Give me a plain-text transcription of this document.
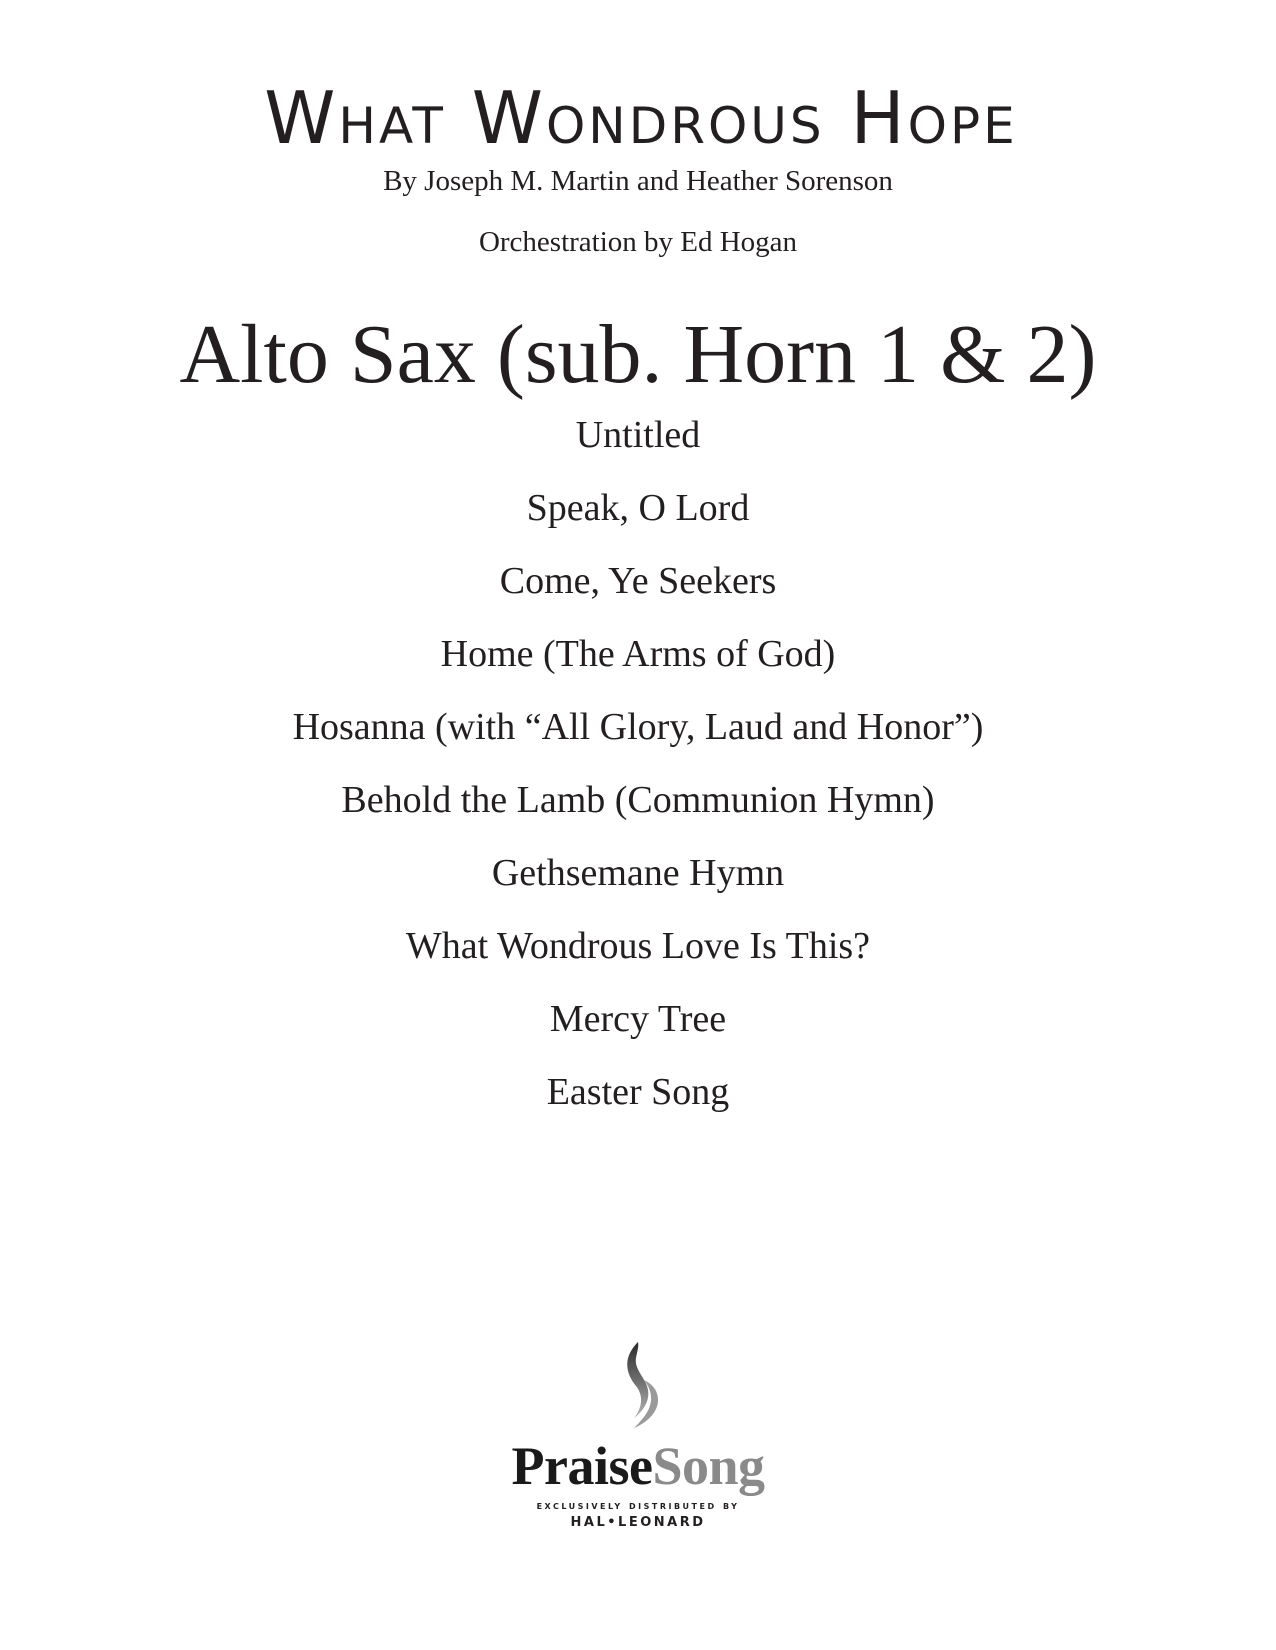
What Wondrous Hope
By Joseph M. Martin and Heather Sorenson
Orchestration by Ed Hogan
Alto Sax (sub. Horn 1 & 2)
Untitled
Speak, O Lord
Come, Ye Seekers
Home (The Arms of God)
Hosanna (with “All Glory, Laud and Honor”)
Behold the Lamb (Communion Hymn)
Gethsemane Hymn
What Wondrous Love Is This?
Mercy Tree
Easter Song
PraiseSong
exclusively distributed by
HAL•LEONARD
